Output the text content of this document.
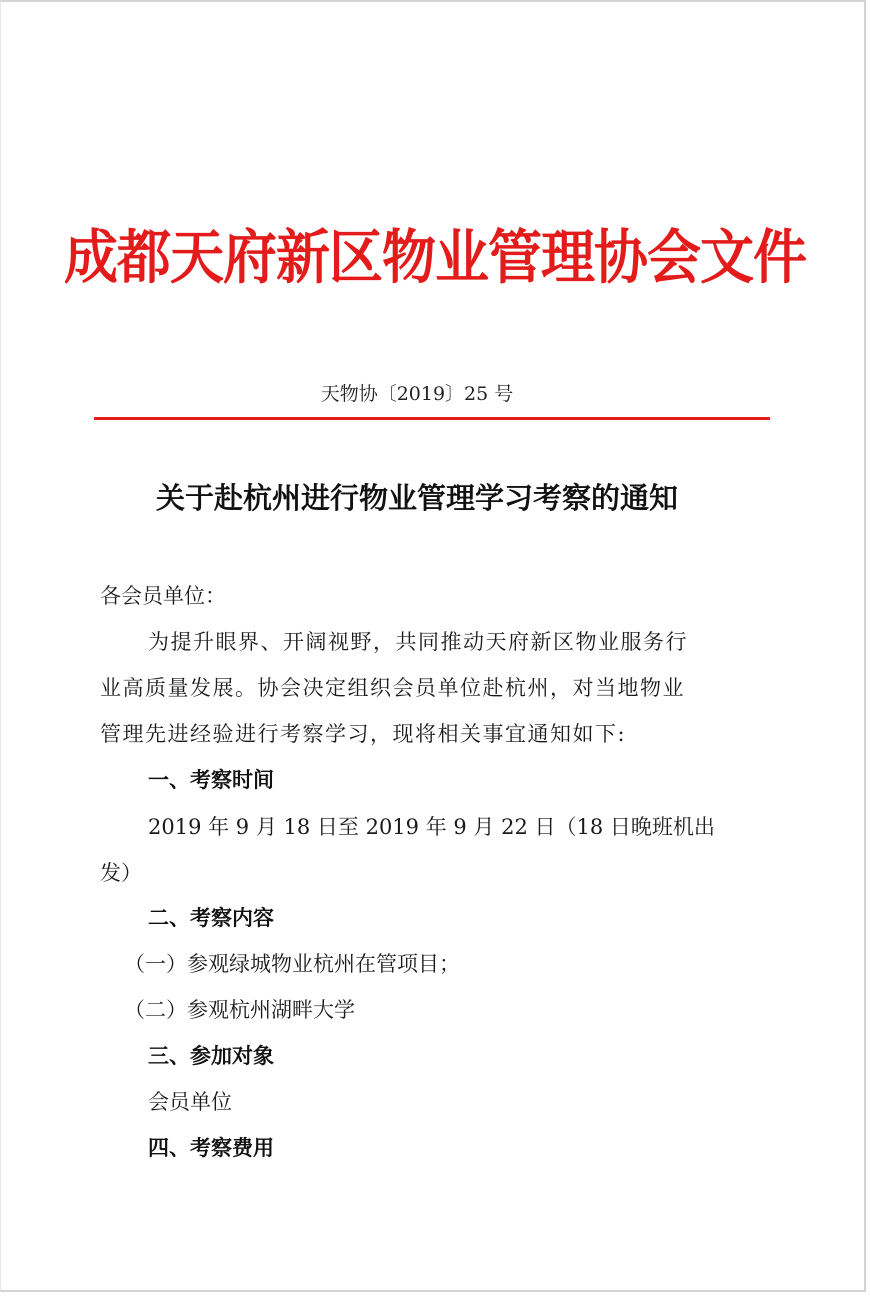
成都天府新区物业管理协会文件
天物协〔2019〕25 号
关于赴杭州进行物业管理学习考察的通知
各会员单位：
为提升眼界、开阔视野，共同推动天府新区物业服务行
业高质量发展。协会决定组织会员单位赴杭州，对当地物业
管理先进经验进行考察学习，现将相关事宜通知如下:
一、考察时间
2019 年 9 月 18 日至 2019 年 9 月 22 日（18 日晚班机出
发）
二、考察内容
（一）参观绿城物业杭州在管项目；
（二）参观杭州湖畔大学
三、参加对象
会员单位
四、考察费用
